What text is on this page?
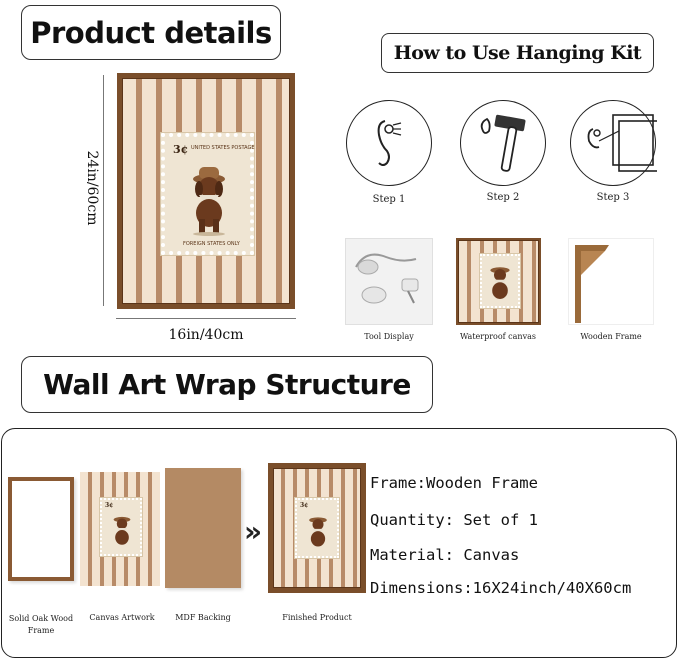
Product details
How to Use Hanging Kit
24in/60cm
3¢ UNITED STATES POSTAGE
FOREIGN STATES ONLY
16in/40cm
Step 1	Step 2	Step 3
Tool Display	Waterproof canvas	Wooden Frame
Wall Art Wrap Structure
3¢
»
3¢
Solid Oak Wood Frame
Canvas Artwork	MDF Backing	Finished Product
Frame:Wooden Frame
Quantity: Set of 1
Material: Canvas
Dimensions:16X24inch/40X60cm
